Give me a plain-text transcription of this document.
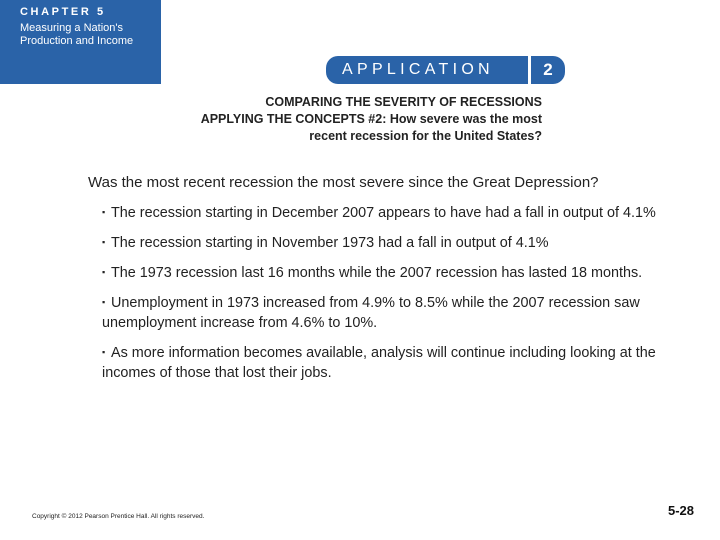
CHAPTER 5
Measuring a Nation's
Production and Income
APPLICATION	2
COMPARING THE SEVERITY OF RECESSIONS
APPLYING THE CONCEPTS #2: How severe was the most
recent recession for the United States?
Was the most recent recession the most severe since the Great Depression?
▪ The recession starting in December 2007 appears to have had a fall in output of 4.1%
▪ The recession starting in November 1973 had a fall in output of 4.1%
▪ The 1973 recession last 16 months while the 2007 recession has lasted 18 months.
▪ Unemployment in 1973 increased from 4.9% to 8.5% while the 2007 recession saw unemployment increase from 4.6% to 10%.
▪ As more information becomes available, analysis will continue including looking at the incomes of those that lost their jobs.
Copyright © 2012 Pearson Prentice Hall. All rights reserved.	5-28
